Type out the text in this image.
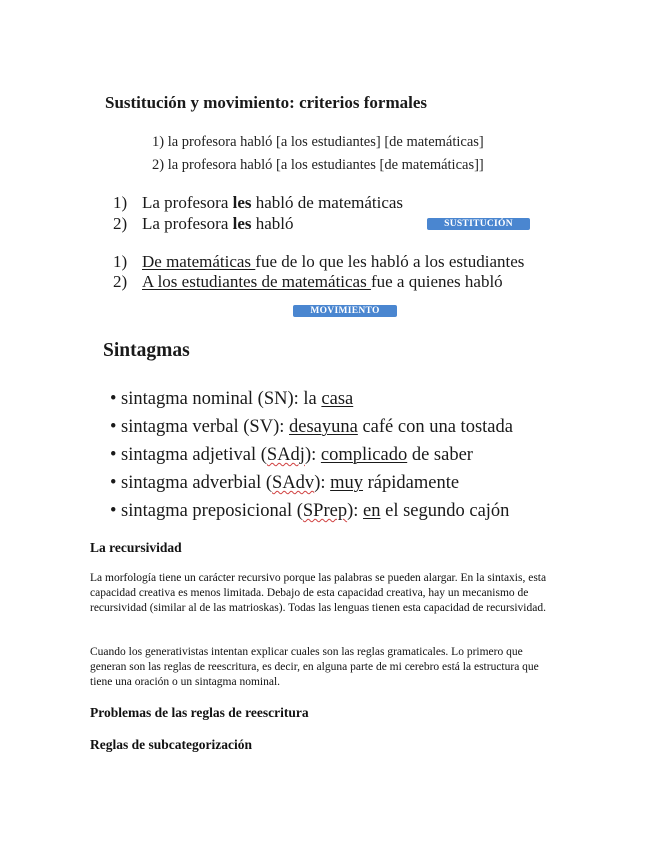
Sustitución y movimiento: criterios formales
1) la profesora habló [a los estudiantes] [de matemáticas]
2) la profesora habló [a los estudiantes [de matemáticas]]
1) La profesora les habló de matemáticas
2) La profesora les habló	SUSTITUCIÓN
1) De matemáticas fue de lo que les habló a los estudiantes
2) A los estudiantes de matemáticas fue a quienes habló
MOVIMIENTO
Sintagmas
• sintagma nominal (SN): la casa
• sintagma verbal (SV): desayuna café con una tostada
• sintagma adjetival (SAdj): complicado de saber
• sintagma adverbial (SAdv): muy rápidamente
• sintagma preposicional (SPrep): en el segundo cajón
La recursividad
La morfología tiene un carácter recursivo porque las palabras se pueden alargar. En la sintaxis, esta capacidad creativa es menos limitada. Debajo de esta capacidad creativa, hay un mecanismo de recursividad (similar al de las matrioskas). Todas las lenguas tienen esta capacidad de recursividad.
Cuando los generativistas intentan explicar cuales son las reglas gramaticales. Lo primero que generan son las reglas de reescritura, es decir, en alguna parte de mi cerebro está la estructura que tiene una oración o un sintagma nominal.
Problemas de las reglas de reescritura
Reglas de subcategorización
